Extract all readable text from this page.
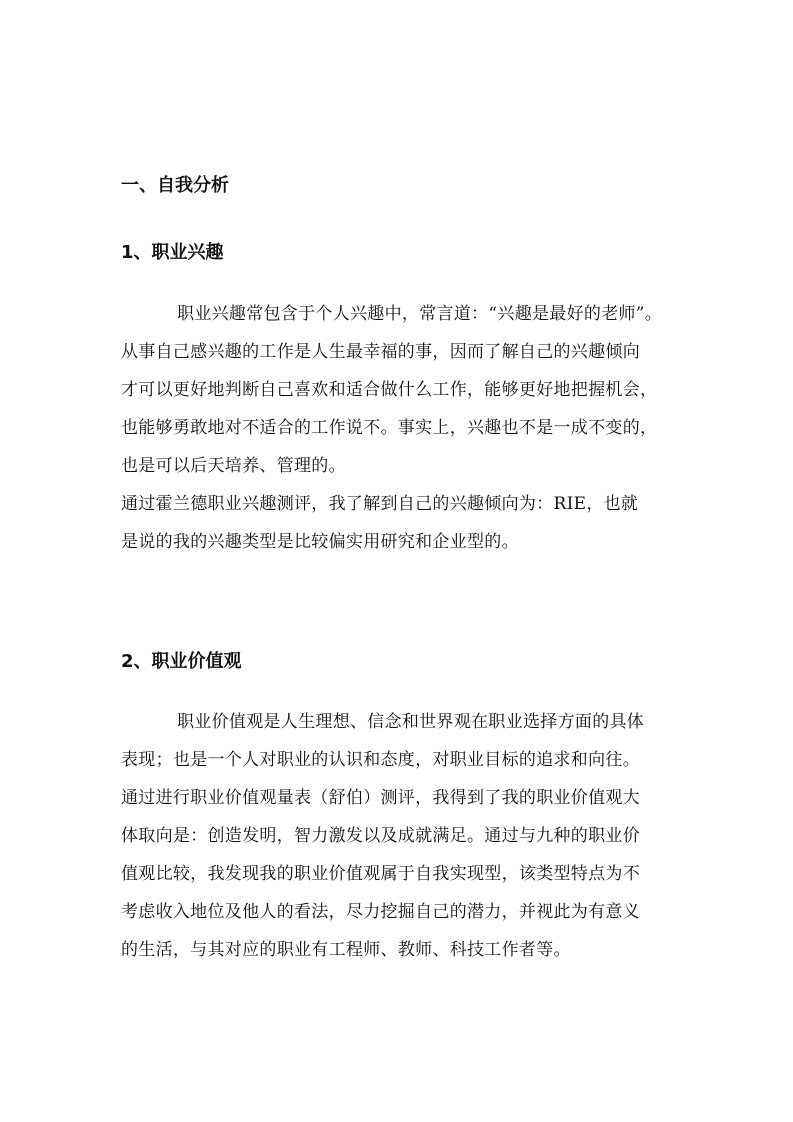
一、自我分析
1、职业兴趣
职业兴趣常包含于个人兴趣中，常言道：“兴趣是最好的老师”。
从事自己感兴趣的工作是人生最幸福的事，因而了解自己的兴趣倾向
才可以更好地判断自己喜欢和适合做什么工作，能够更好地把握机会，
也能够勇敢地对不适合的工作说不。事实上，兴趣也不是一成不变的，
也是可以后天培养、管理的。
通过霍兰德职业兴趣测评，我了解到自己的兴趣倾向为：RIE，也就
是说的我的兴趣类型是比较偏实用研究和企业型的。
2、职业价值观
职业价值观是人生理想、信念和世界观在职业选择方面的具体
表现；也是一个人对职业的认识和态度，对职业目标的追求和向往。
通过进行职业价值观量表（舒伯）测评，我得到了我的职业价值观大
体取向是：创造发明，智力激发以及成就满足。通过与九种的职业价
值观比较，我发现我的职业价值观属于自我实现型，该类型特点为不
考虑收入地位及他人的看法，尽力挖掘自己的潜力，并视此为有意义
的生活，与其对应的职业有工程师、教师、科技工作者等。
